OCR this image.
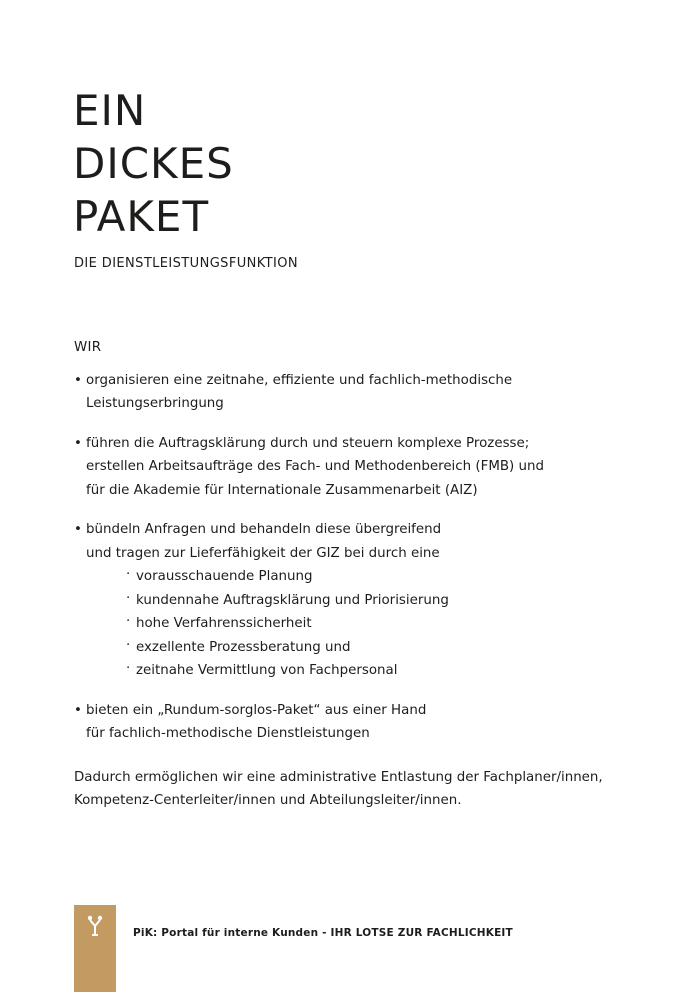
EIN
DICKES
PAKET
DIE DIENSTLEISTUNGSFUNKTION

WIR

• organisieren eine zeitnahe, effiziente und fachlich-methodische
Leistungserbringung
• führen die Auftragsklärung durch und steuern komplexe Prozesse;
erstellen Arbeitsaufträge des Fach- und Methodenbereich (FMB) und
für die Akademie für Internationale Zusammenarbeit (AIZ)
• bündeln Anfragen und behandeln diese übergreifend
und tragen zur Lieferfähigkeit der GIZ bei durch eine
· vorausschauende Planung
· kundennahe Auftragsklärung und Priorisierung
· hohe Verfahrenssicherheit
· exzellente Prozessberatung und
· zeitnahe Vermittlung von Fachpersonal
• bieten ein „Rundum-sorglos-Paket“ aus einer Hand
für fachlich-methodische Dienstleistungen

Dadurch ermöglichen wir eine administrative Entlastung der Fachplaner/innen,
Kompetenz-Centerleiter/innen und Abteilungsleiter/innen.

PiK: Portal für interne Kunden - IHR LOTSE ZUR FACHLICHKEIT
